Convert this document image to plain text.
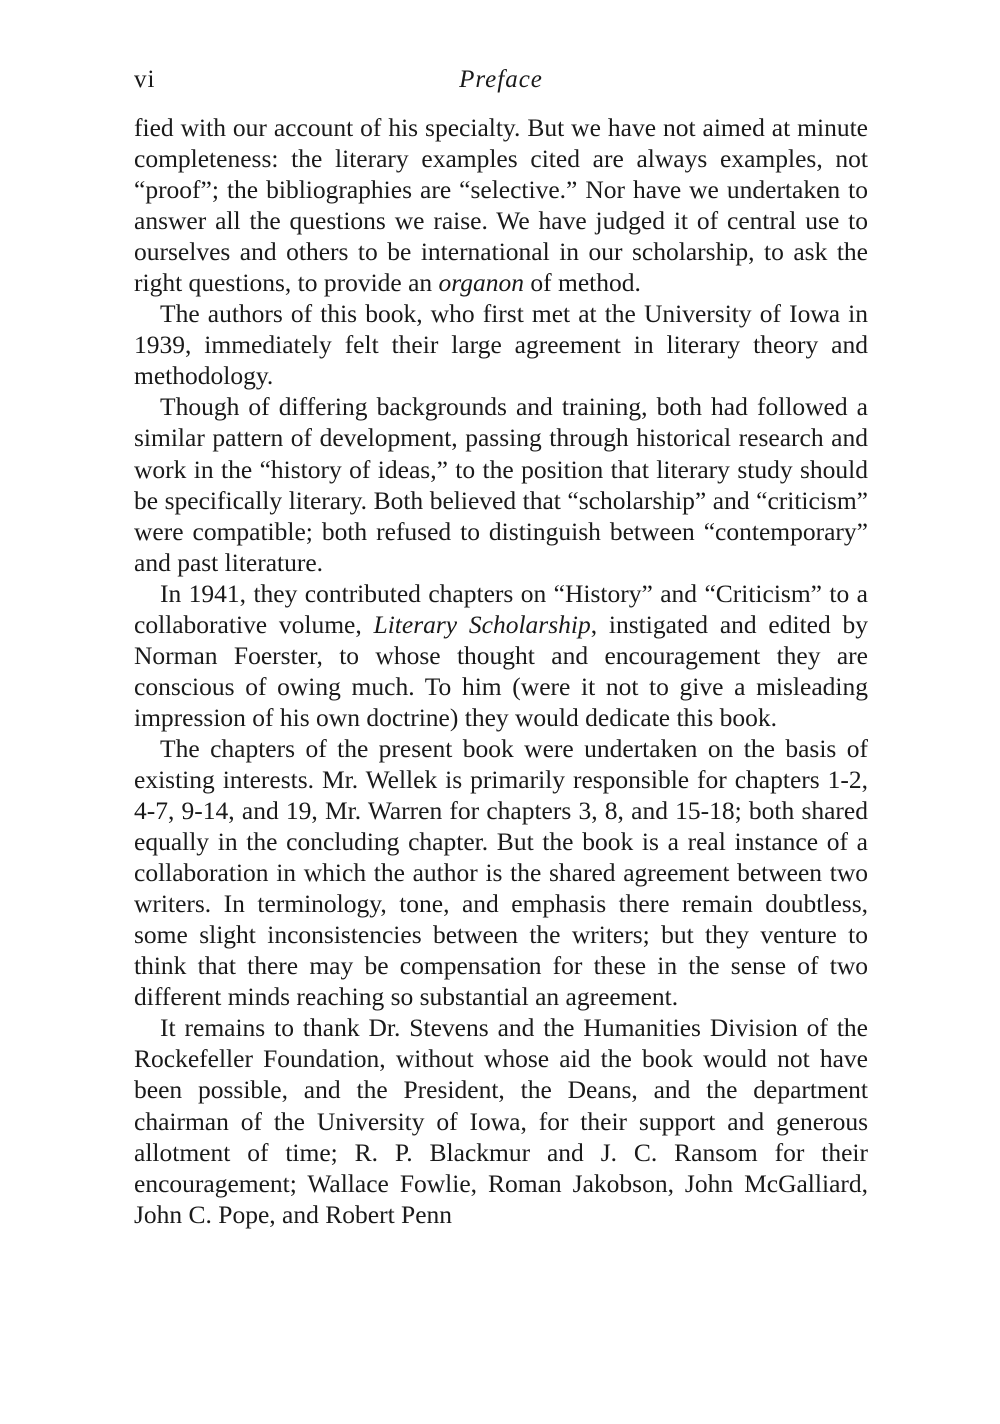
vi	Preface

fied with our account of his specialty. But we have not aimed at minute completeness: the literary examples cited are always examples, not “proof”; the bibliographies are “selective.” Nor have we undertaken to answer all the questions we raise. We have judged it of central use to ourselves and others to be international in our scholarship, to ask the right questions, to provide an organon of method.

The authors of this book, who first met at the University of Iowa in 1939, immediately felt their large agreement in literary theory and methodology.

Though of differing backgrounds and training, both had followed a similar pattern of development, passing through historical research and work in the “history of ideas,” to the position that literary study should be specifically literary. Both believed that “scholarship” and “criticism” were compatible; both refused to distinguish between “contemporary” and past literature.

In 1941, they contributed chapters on “History” and “Criticism” to a collaborative volume, Literary Scholarship, instigated and edited by Norman Foerster, to whose thought and encouragement they are conscious of owing much. To him (were it not to give a misleading impression of his own doctrine) they would dedicate this book.

The chapters of the present book were undertaken on the basis of existing interests. Mr. Wellek is primarily responsible for chapters 1-2, 4-7, 9-14, and 19, Mr. Warren for chapters 3, 8, and 15-18; both shared equally in the concluding chapter. But the book is a real instance of a collaboration in which the author is the shared agreement between two writers. In terminology, tone, and emphasis there remain doubtless, some slight inconsistencies between the writers; but they venture to think that there may be compensation for these in the sense of two different minds reaching so substantial an agreement.

It remains to thank Dr. Stevens and the Humanities Division of the Rockefeller Foundation, without whose aid the book would not have been possible, and the President, the Deans, and the department chairman of the University of Iowa, for their support and generous allotment of time; R. P. Blackmur and J. C. Ransom for their encouragement; Wallace Fowlie, Roman Jakobson, John McGalliard, John C. Pope, and Robert Penn
